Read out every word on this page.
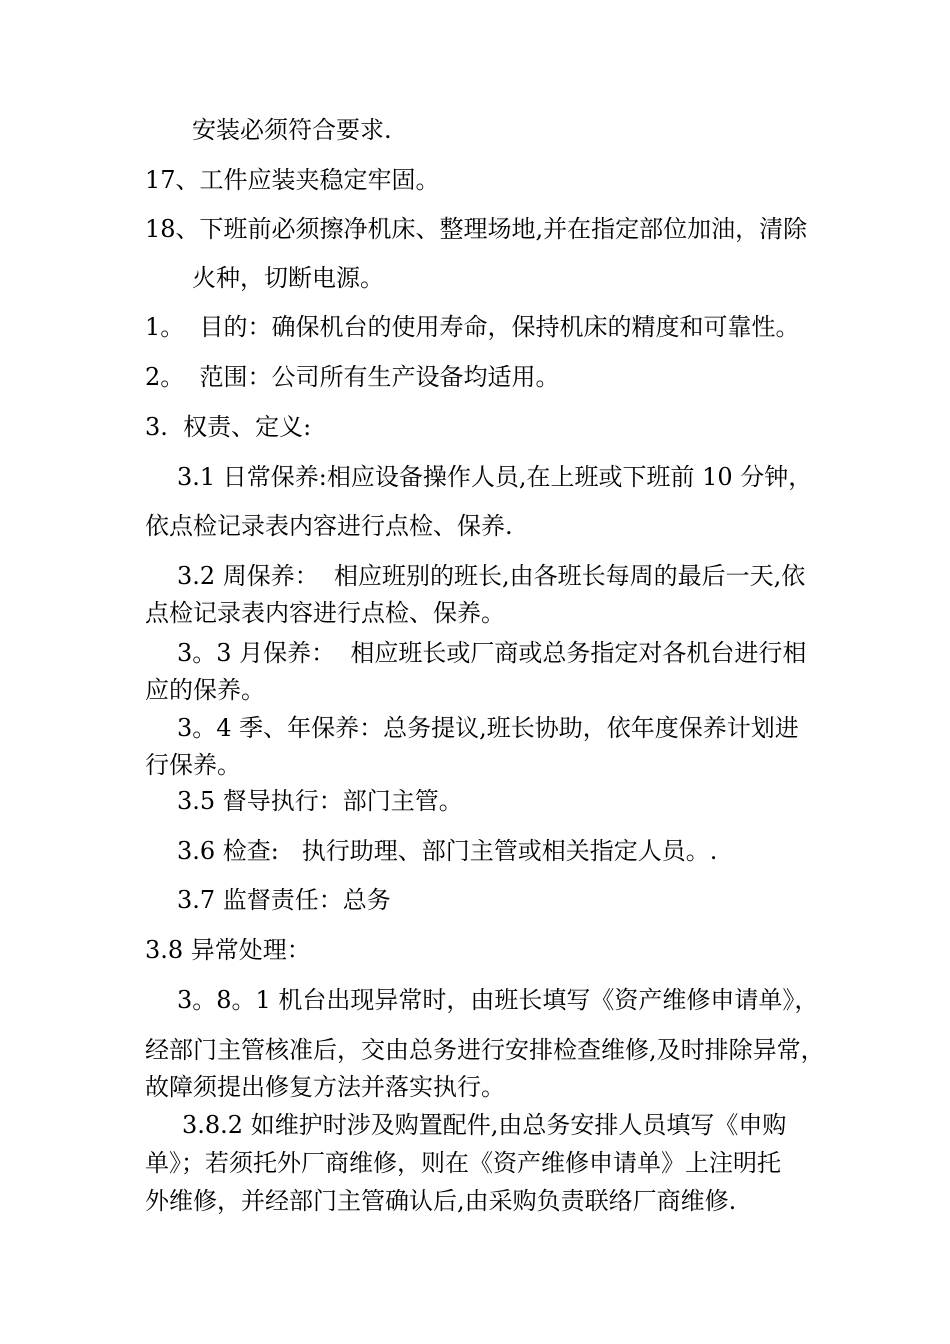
安装必须符合要求.
17、工件应装夹稳定牢固。
18、下班前必须擦净机床、整理场地,并在指定部位加油，清除
火种，切断电源。
1。  目的：确保机台的使用寿命，保持机床的精度和可靠性。
2。  范围：公司所有生产设备均适用。
3.  权责、定义:
3.1 日常保养:相应设备操作人员,在上班或下班前 10 分钟，
依点检记录表内容进行点检、保养.
3.2 周保养：  相应班别的班长,由各班长每周的最后一天,依
点检记录表内容进行点检、保养。
3。3 月保养：  相应班长或厂商或总务指定对各机台进行相
应的保养。
3。4 季、年保养：总务提议,班长协助，依年度保养计划进
行保养。
3.5 督导执行：部门主管。
3.6 检查:   执行助理、部门主管或相关指定人员。.
3.7 监督责任：总务
3.8 异常处理：
3。8。1 机台出现异常时，由班长填写《资产维修申请单》，
经部门主管核准后，交由总务进行安排检查维修,及时排除异常，
故障须提出修复方法并落实执行。
3.8.2 如维护时涉及购置配件,由总务安排人员填写《申购
单》；若须托外厂商维修，则在《资产维修申请单》上注明托
外维修，并经部门主管确认后,由采购负责联络厂商维修.
